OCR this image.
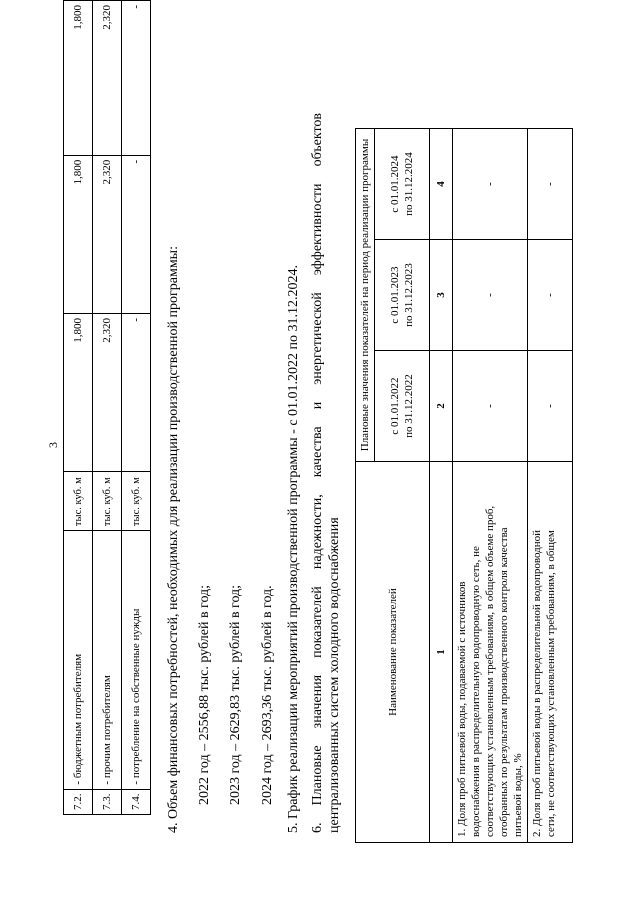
3
7.2.	- бюджетным потребителям	тыс. куб. м	1,800	1,800	1,800
7.3.	- прочим потребителям	тыс. куб. м	2,320	2,320	2,320
7.4.	- потребление на собственные нужды	тыс. куб. м	-	-	-
4. Объем финансовых потребностей, необходимых для реализации производственной программы: 2022 год – 2556,88 тыс. рублей в год; 2023 год – 2629,83 тыс. рублей в год; 2024 год – 2693,36 тыс. рублей в год. 5. График реализации мероприятий производственной программы - с 01.01.2022 по 31.12.2024. 6.
Плановые
значения
показателей
надежности,
качества
и
энергетической
эффективности
объектов
централизованных систем холодного водоснабжения	Наименование показателей	Плановые значения показателей на период реализации программы		
	с 01.01.2022 по 31.12.2022	с 01.01.2023 по 31.12.2023	с 01.01.2024 по 31.12.2024
1	2	3	4
1. Доля проб питьевой воды, подаваемой с источников водоснабжения в распределительную водопроводную сеть, не соответствующих установленным требованиям, в общем объеме проб, отобранных по результатам производственного контроля качества питьевой воды, %	-	-	-
2. Доля проб питьевой воды в распределительной водопроводной сети, не соответствующих установленным требованиям, в общем	-	-	-
